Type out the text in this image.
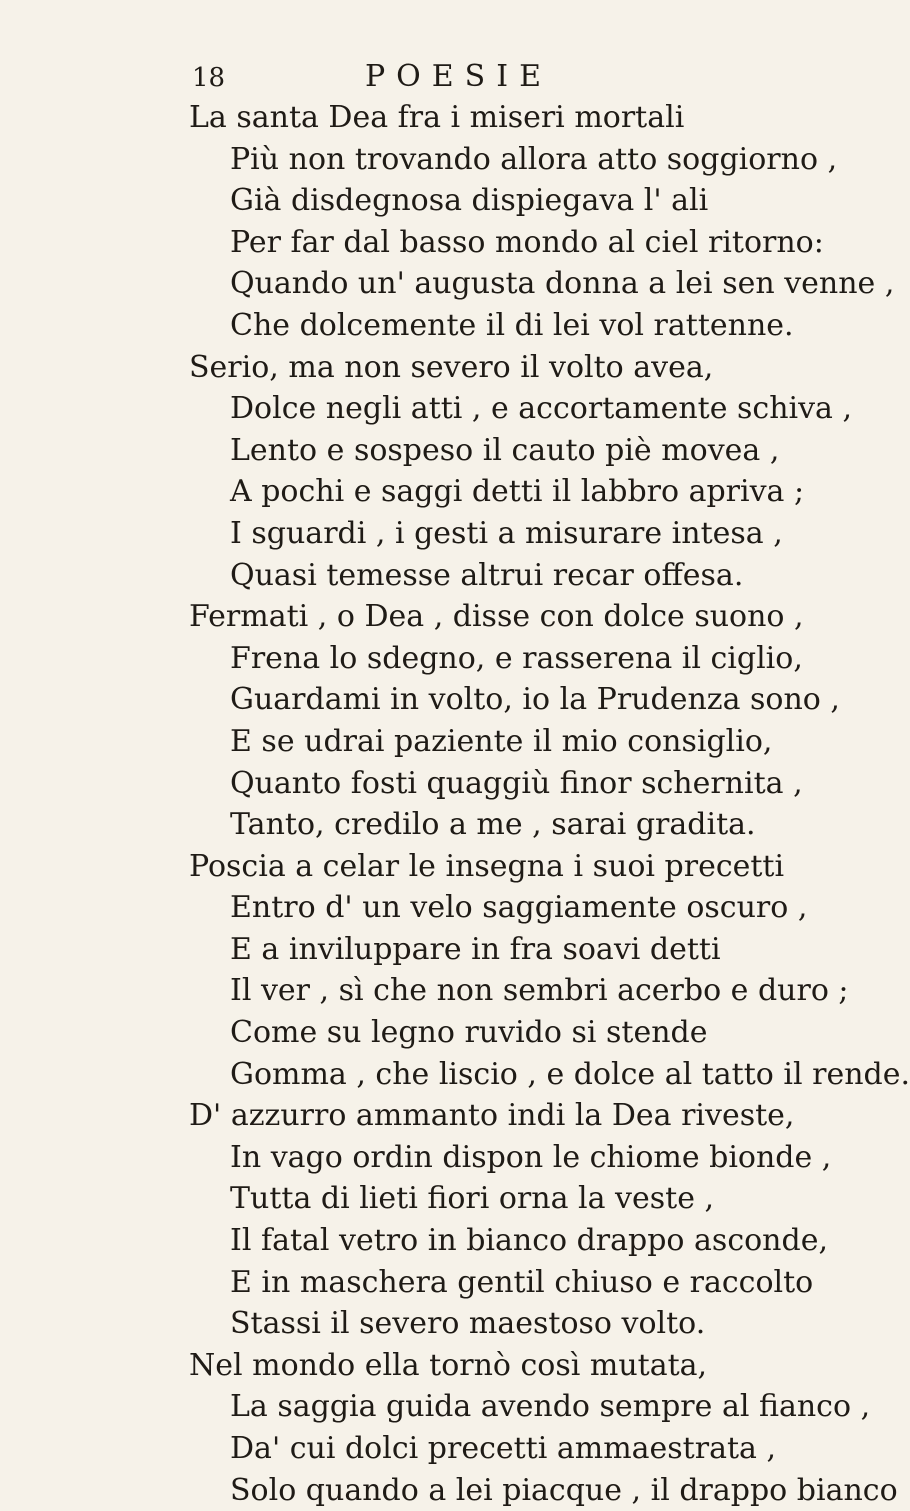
18	POESIE
La santa Dea fra i miseri mortali
Più non trovando allora atto soggiorno ,
Già disdegnosa dispiegava l' ali
Per far dal basso mondo al ciel ritorno:
Quando un' augusta donna a lei sen venne ,
Che dolcemente il di lei vol rattenne.
Serio, ma non severo il volto avea,
Dolce negli atti , e accortamente schiva ,
Lento e sospeso il cauto piè movea ,
A pochi e saggi detti il labbro apriva ;
I sguardi , i gesti a misurare intesa ,
Quasi temesse altrui recar offesa.
Fermati , o Dea , disse con dolce suono ,
Frena lo sdegno, e rasserena il ciglio,
Guardami in volto, io la Prudenza sono ,
E se udrai paziente il mio consiglio,
Quanto fosti quaggiù finor schernita ,
Tanto, credilo a me , sarai gradita.
Poscia a celar le insegna i suoi precetti
Entro d' un velo saggiamente oscuro ,
E a inviluppare in fra soavi detti
Il ver , sì che non sembri acerbo e duro ;
Come su legno ruvido si stende
Gomma , che liscio , e dolce al tatto il rende.
D' azzurro ammanto indi la Dea riveste,
In vago ordin dispon le chiome bionde ,
Tutta di lieti fiori orna la veste ,
Il fatal vetro in bianco drappo asconde,
E in maschera gentil chiuso e raccolto
Stassi il severo maestoso volto.
Nel mondo ella tornò così mutata,
La saggia guida avendo sempre al fianco ,
Da' cui dolci precetti ammaestrata ,
Solo quando a lei piacque , il drappo bianco
